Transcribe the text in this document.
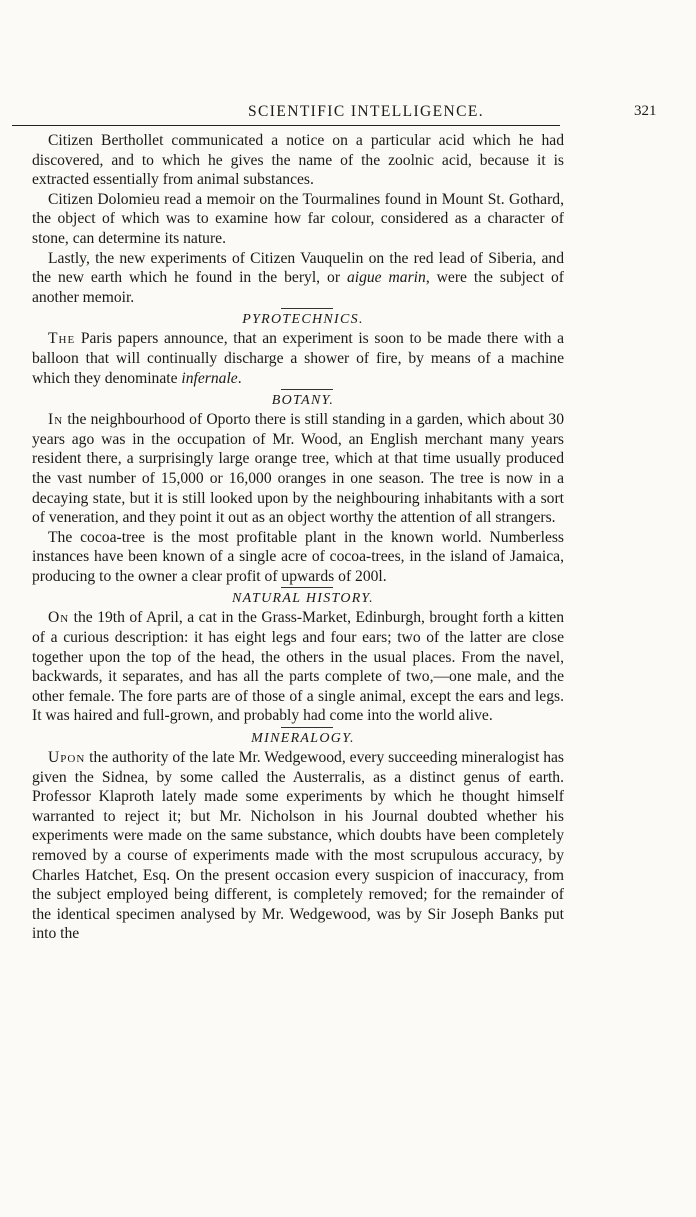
SCIENTIFIC INTELLIGENCE.	321

Citizen Berthollet communicated a notice on a particular acid which he had discovered, and to which he gives the name of the zoolnic acid, because it is extracted essentially from animal substances.

Citizen Dolomieu read a memoir on the Tourmalines found in Mount St. Gothard, the object of which was to examine how far colour, considered as a character of stone, can determine its nature.

Lastly, the new experiments of Citizen Vauquelin on the red lead of Siberia, and the new earth which he found in the beryl, or aigue marin, were the subject of another memoir.

PYROTECHNICS.

The Paris papers announce, that an experiment is soon to be made there with a balloon that will continually discharge a shower of fire, by means of a machine which they denominate infernale.

BOTANY.

In the neighbourhood of Oporto there is still standing in a garden, which about 30 years ago was in the occupation of Mr. Wood, an English merchant many years resident there, a surprisingly large orange tree, which at that time usually produced the vast number of 15,000 or 16,000 oranges in one season. The tree is now in a decaying state, but it is still looked upon by the neighbouring inhabitants with a sort of veneration, and they point it out as an object worthy the attention of all strangers.

The cocoa-tree is the most profitable plant in the known world. Numberless instances have been known of a single acre of cocoa-trees, in the island of Jamaica, producing to the owner a clear profit of upwards of 200l.

NATURAL HISTORY.

On the 19th of April, a cat in the Grass-Market, Edinburgh, brought forth a kitten of a curious description: it has eight legs and four ears; two of the latter are close together upon the top of the head, the others in the usual places. From the navel, backwards, it separates, and has all the parts complete of two,—one male, and the other female. The fore parts are of those of a single animal, except the ears and legs. It was haired and full-grown, and probably had come into the world alive.

MINERALOGY.

Upon the authority of the late Mr. Wedgewood, every succeeding mineralogist has given the Sidnea, by some called the Austerralis, as a distinct genus of earth. Professor Klaproth lately made some experiments by which he thought himself warranted to reject it; but Mr. Nicholson in his Journal doubted whether his experiments were made on the same substance, which doubts have been completely removed by a course of experiments made with the most scrupulous accuracy, by Charles Hatchet, Esq. On the present occasion every suspicion of inaccuracy, from the subject employed being different, is completely removed; for the remainder of the identical specimen analysed by Mr. Wedgewood, was by Sir Joseph Banks put into the
